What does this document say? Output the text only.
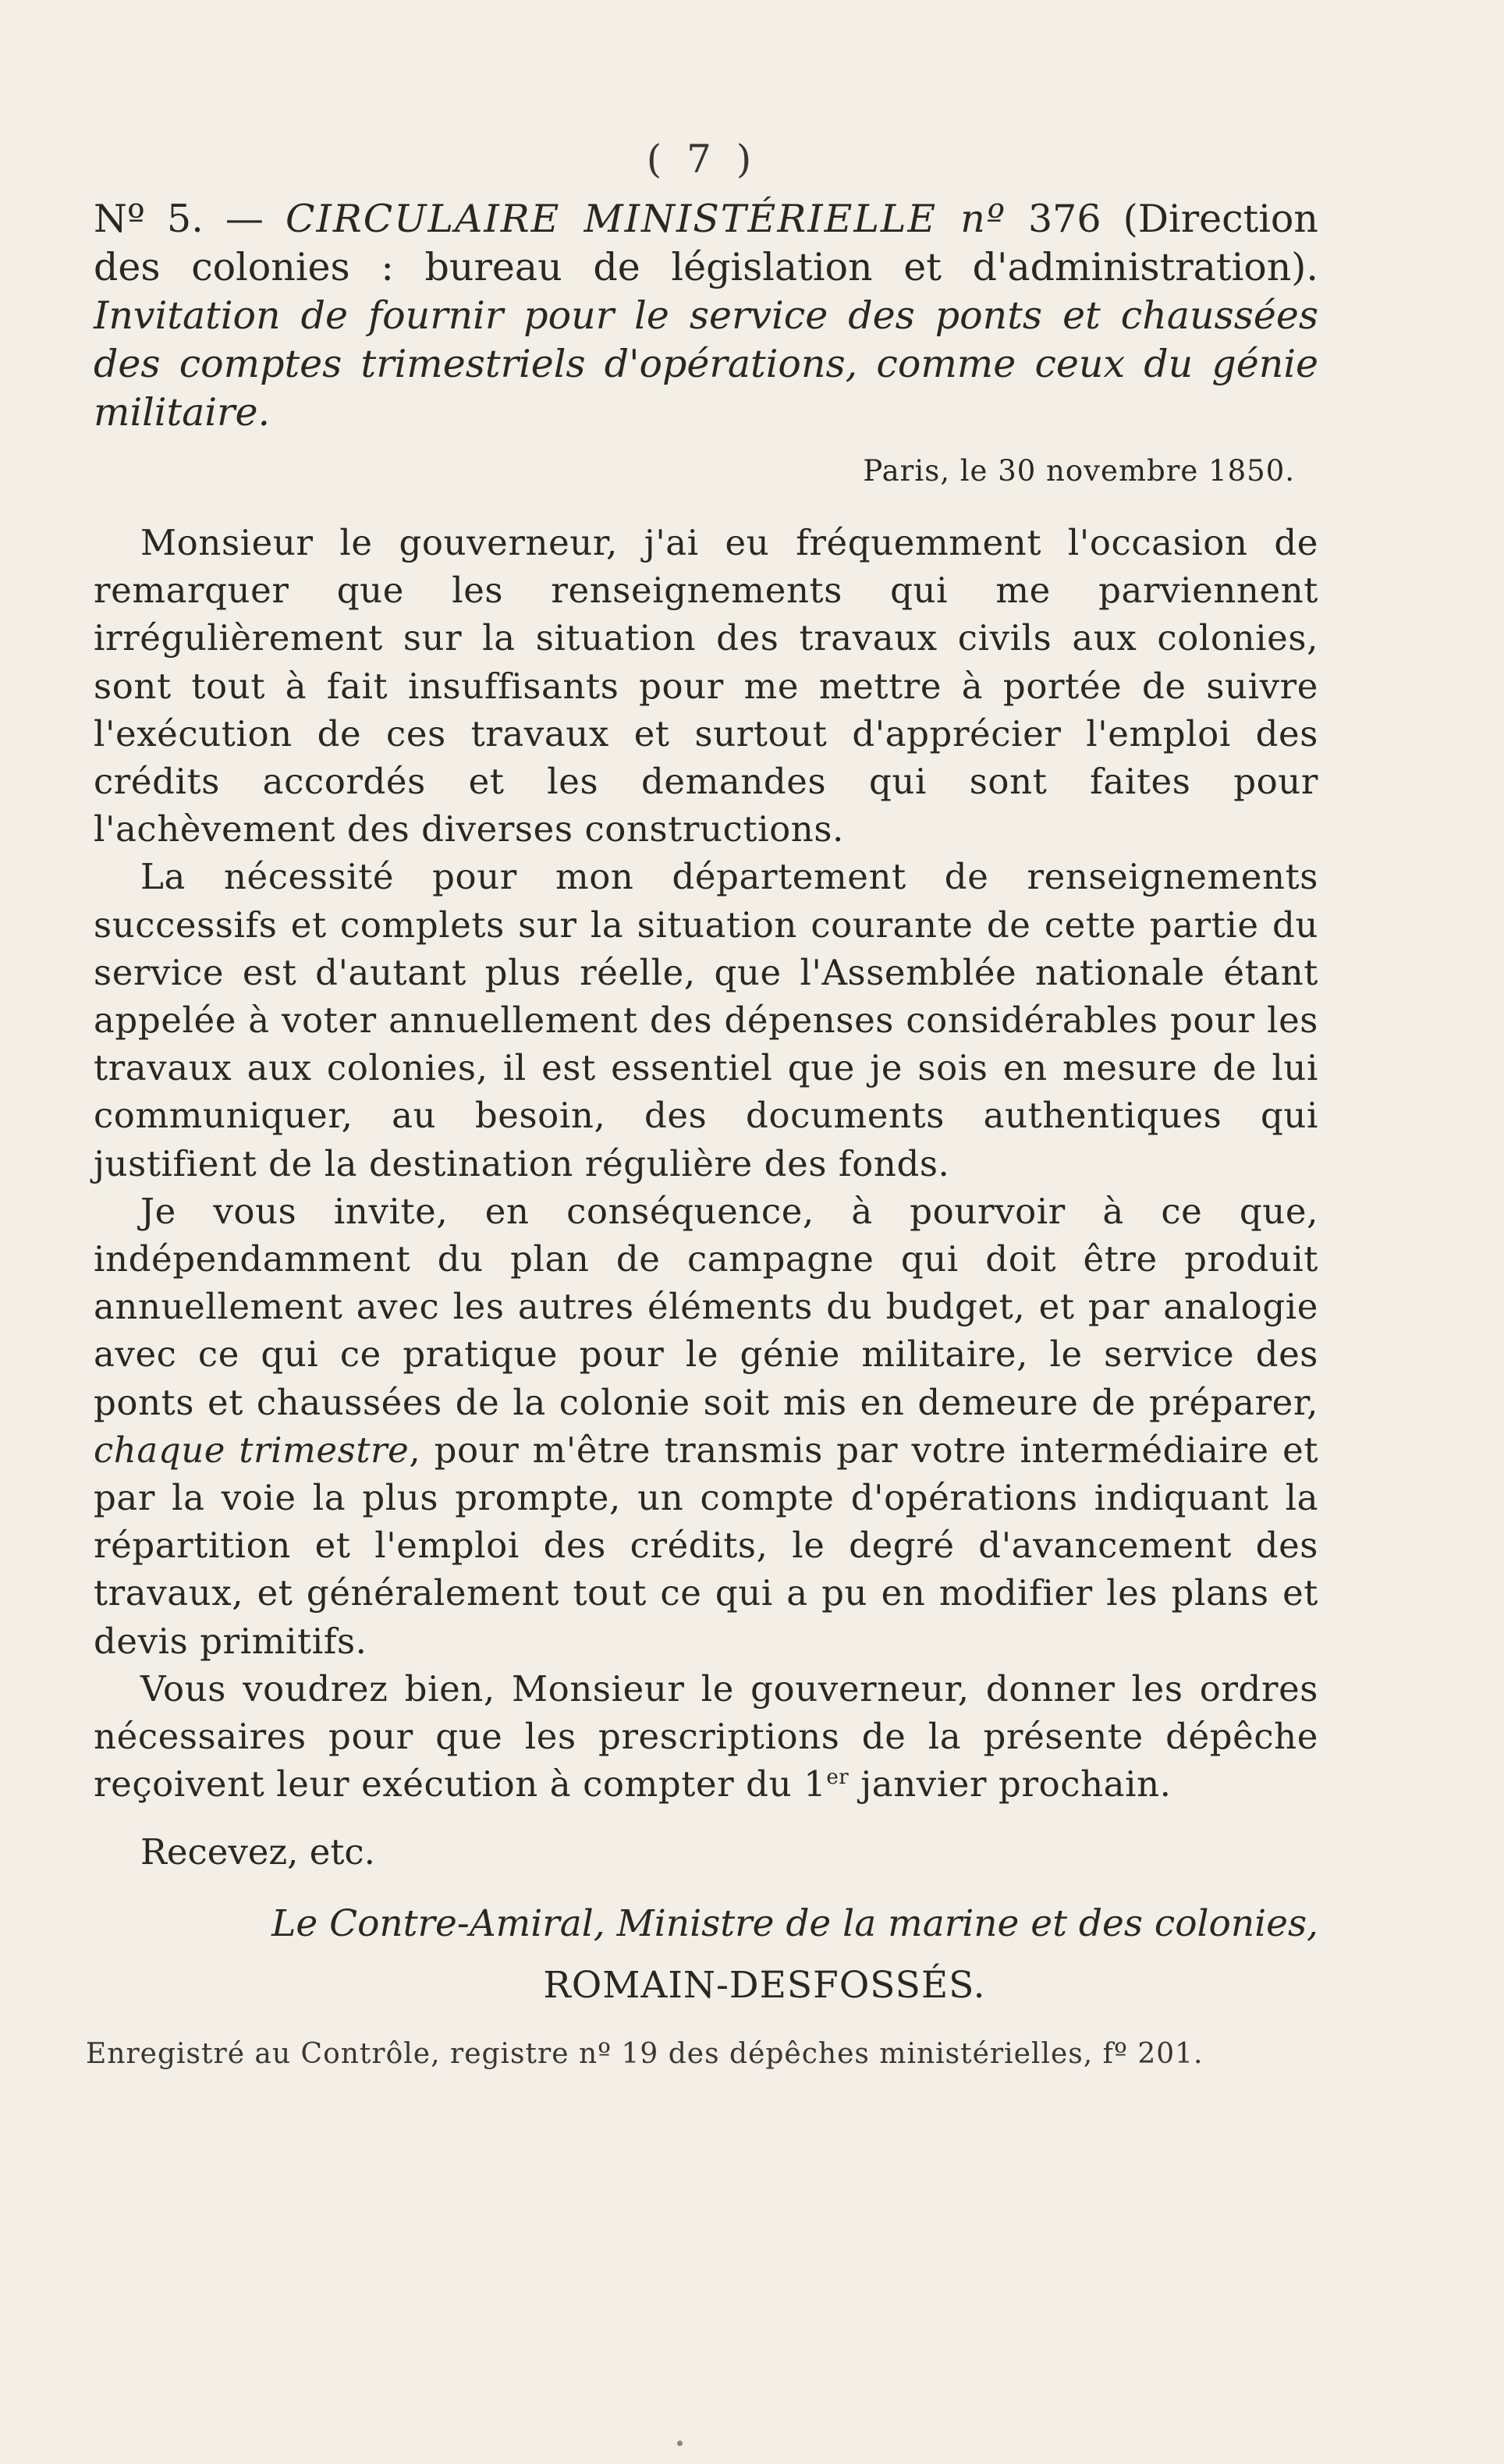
( 7 )

Nº 5. — CIRCULAIRE MINISTÉRIELLE nº 376 (Direction des colonies : bureau de législation et d'administration). Invitation de fournir pour le service des ponts et chaussées des comptes trimestriels d'opérations, comme ceux du génie militaire.

Paris, le 30 novembre 1850.

Monsieur le gouverneur, j'ai eu fréquemment l'occasion de remarquer que les renseignements qui me parviennent irrégulièrement sur la situation des travaux civils aux colonies, sont tout à fait insuffisants pour me mettre à portée de suivre l'exécution de ces travaux et surtout d'apprécier l'emploi des crédits accordés et les demandes qui sont faites pour l'achèvement des diverses constructions.

La nécessité pour mon département de renseignements successifs et complets sur la situation courante de cette partie du service est d'autant plus réelle, que l'Assemblée nationale étant appelée à voter annuellement des dépenses considérables pour les travaux aux colonies, il est essentiel que je sois en mesure de lui communiquer, au besoin, des documents authentiques qui justifient de la destination régulière des fonds.

Je vous invite, en conséquence, à pourvoir à ce que, indépendamment du plan de campagne qui doit être produit annuellement avec les autres éléments du budget, et par analogie avec ce qui ce pratique pour le génie militaire, le service des ponts et chaussées de la colonie soit mis en demeure de préparer, chaque trimestre, pour m'être transmis par votre intermédiaire et par la voie la plus prompte, un compte d'opérations indiquant la répartition et l'emploi des crédits, le degré d'avancement des travaux, et généralement tout ce qui a pu en modifier les plans et devis primitifs.

Vous voudrez bien, Monsieur le gouverneur, donner les ordres nécessaires pour que les prescriptions de la présente dépêche reçoivent leur exécution à compter du 1er janvier prochain.

Recevez, etc.

Le Contre-Amiral, Ministre de la marine et des colonies,

ROMAIN-DESFOSSÉS.

Enregistré au Contrôle, registre nº 19 des dépêches ministérielles, fº 201.
